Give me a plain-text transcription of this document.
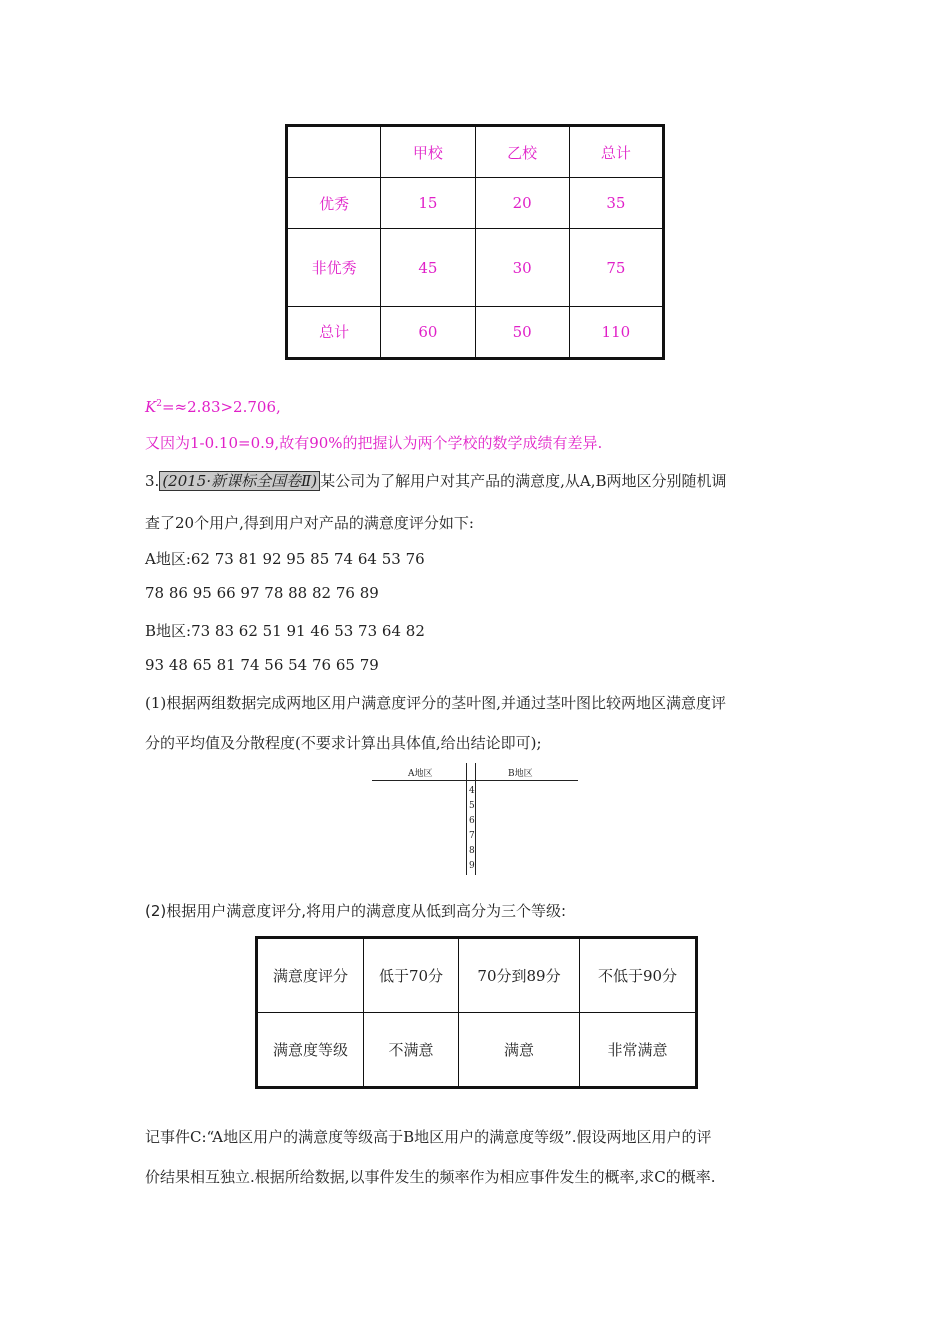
	甲校	乙校	总计
优秀	15	20	35
非优秀	45	30	75
总计	60	50	110
$K^2=\approx 2.83>2.706$,
又因为1-0.10=0.9,故有90%的把握认为两个学校的数学成绩有差异.
3. (2015·新课标全国卷Ⅱ) 某公司为了解用户对其产品的满意度,从A,B两地区分别随机调
查了20个用户,得到用户对产品的满意度评分如下:
A地区:62 73 81 92 95 85 74 64 53 76
78 86 95 66 97 78 88 82 76 89
B地区:73 83 62 51 91 46 53 73 64 82
93 48 65 81 74 56 54 76 65 79
(1)根据两组数据完成两地区用户满意度评分的茎叶图,并通过茎叶图比较两地区满意度评
分的平均值及分散程度(不要求计算出具体值,给出结论即可);
A地区	B地区
4
5
6
7
8
9
(2)根据用户满意度评分,将用户的满意度从低到高分为三个等级:
满意度评分	低于70分	70分到89分	不低于90分
满意度等级	不满意	满意	非常满意
记事件C:“A地区用户的满意度等级高于B地区用户的满意度等级”.假设两地区用户的评
价结果相互独立.根据所给数据,以事件发生的频率作为相应事件发生的概率,求C的概率.
